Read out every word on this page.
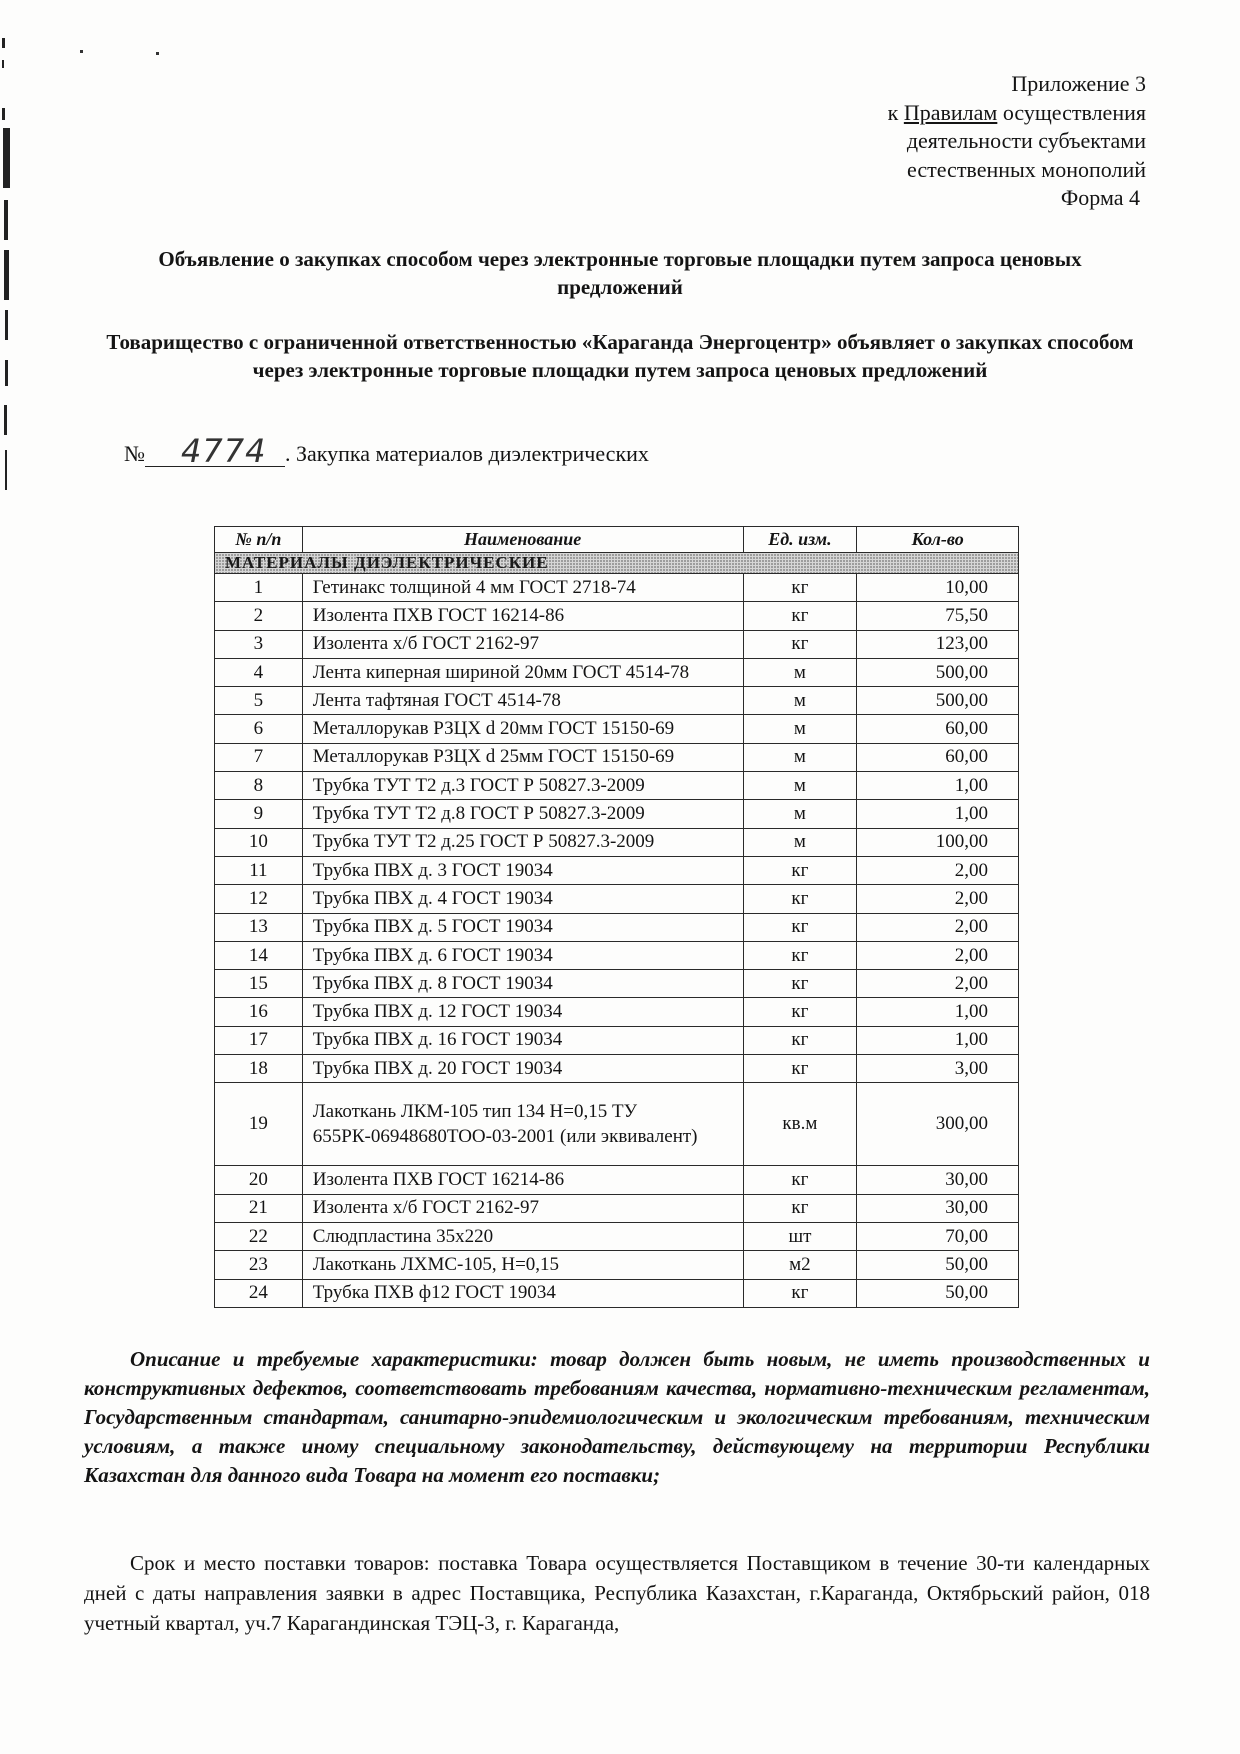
Приложение 3
к Правилам осуществления
деятельности субъектами
естественных монополий
Форма 4
Объявление о закупках способом через электронные торговые площадки путем запроса ценовых предложений
Товарищество с ограниченной ответственностью «Караганда Энергоцентр» объявляет о закупках способом через электронные торговые площадки путем запроса ценовых предложений
№ 4774 . Закупка материалов диэлектрических
№ п/п	Наименование	Ед. изм.	Кол-во
МАТЕРИАЛЫ ДИЭЛЕКТРИЧЕСКИЕ			
1	Гетинакс толщиной 4 мм ГОСТ 2718-74	кг	10,00
2	Изолента ПХВ ГОСТ 16214-86	кг	75,50
3	Изолента х/б ГОСТ 2162-97	кг	123,00
4	Лента киперная шириной 20мм ГОСТ 4514-78	м	500,00
5	Лента тафтяная ГОСТ 4514-78	м	500,00
6	Металлорукав РЗЦХ d 20мм ГОСТ 15150-69	м	60,00
7	Металлорукав РЗЦХ d 25мм ГОСТ 15150-69	м	60,00
8	Трубка ТУТ Т2 д.3 ГОСТ Р 50827.3-2009	м	1,00
9	Трубка ТУТ Т2 д.8 ГОСТ Р 50827.3-2009	м	1,00
10	Трубка ТУТ Т2 д.25 ГОСТ Р 50827.3-2009	м	100,00
11	Трубка ПВХ д. 3 ГОСТ 19034	кг	2,00
12	Трубка ПВХ д. 4 ГОСТ 19034	кг	2,00
13	Трубка ПВХ д. 5 ГОСТ 19034	кг	2,00
14	Трубка ПВХ д. 6 ГОСТ 19034	кг	2,00
15	Трубка ПВХ д. 8 ГОСТ 19034	кг	2,00
16	Трубка ПВХ д. 12 ГОСТ 19034	кг	1,00
17	Трубка ПВХ д. 16 ГОСТ 19034	кг	1,00
18	Трубка ПВХ д. 20 ГОСТ 19034	кг	3,00
19	Лакоткань ЛКМ-105 тип 134 Н=0,15 ТУ 655РК-06948680ТОО-03-2001 (или эквивалент)	кв.м	300,00
20	Изолента ПХВ ГОСТ 16214-86	кг	30,00
21	Изолента х/б ГОСТ 2162-97	кг	30,00
22	Слюдпластина 35х220	шт	70,00
23	Лакоткань ЛХМС-105, Н=0,15	м2	50,00
24	Трубка ПХВ ф12 ГОСТ 19034	кг	50,00
Описание и требуемые характеристики: товар должен быть новым, не иметь производственных и конструктивных дефектов, соответствовать требованиям качества, нормативно-техническим регламентам, Государственным стандартам, санитарно-эпидемиологическим и экологическим требованиям, техническим условиям, а также иному специальному законодательству, действующему на территории Республики Казахстан для данного вида Товара на момент его поставки;
Срок и место поставки товаров: поставка Товара осуществляется Поставщиком в течение 30-ти календарных дней с даты направления заявки в адрес Поставщика, Республика Казахстан, г.Караганда, Октябрьский район, 018 учетный квартал, уч.7 Карагандинская ТЭЦ-3, г. Караганда,
